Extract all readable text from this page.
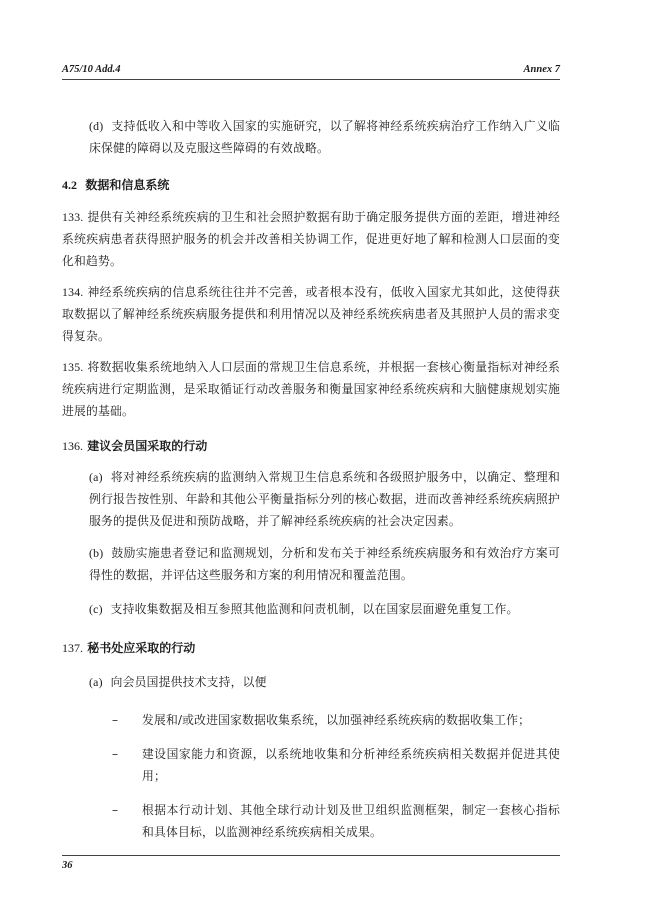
A75/10 Add.4	Annex 7
(d) 支持低收入和中等收入国家的实施研究，以了解将神经系统疾病治疗工作纳入广义临床保健的障碍以及克服这些障碍的有效战略。
4.2 数据和信息系统
133. 提供有关神经系统疾病的卫生和社会照护数据有助于确定服务提供方面的差距，增进神经系统疾病患者获得照护服务的机会并改善相关协调工作，促进更好地了解和检测人口层面的变化和趋势。
134. 神经系统疾病的信息系统往往并不完善，或者根本没有，低收入国家尤其如此，这使得获取数据以了解神经系统疾病服务提供和利用情况以及神经系统疾病患者及其照护人员的需求变得复杂。
135. 将数据收集系统地纳入人口层面的常规卫生信息系统，并根据一套核心衡量指标对神经系统疾病进行定期监测，是采取循证行动改善服务和衡量国家神经系统疾病和大脑健康规划实施进展的基础。
136. 建议会员国采取的行动
(a) 将对神经系统疾病的监测纳入常规卫生信息系统和各级照护服务中，以确定、整理和例行报告按性别、年龄和其他公平衡量指标分列的核心数据，进而改善神经系统疾病照护服务的提供及促进和预防战略，并了解神经系统疾病的社会决定因素。
(b) 鼓励实施患者登记和监测规划，分析和发布关于神经系统疾病服务和有效治疗方案可得性的数据，并评估这些服务和方案的利用情况和覆盖范围。
(c) 支持收集数据及相互参照其他监测和问责机制，以在国家层面避免重复工作。
137. 秘书处应采取的行动
(a) 向会员国提供技术支持，以便
– 发展和/或改进国家数据收集系统，以加强神经系统疾病的数据收集工作；
– 建设国家能力和资源，以系统地收集和分析神经系统疾病相关数据并促进其使用；
– 根据本行动计划、其他全球行动计划及世卫组织监测框架，制定一套核心指标和具体目标，以监测神经系统疾病相关成果。
36
